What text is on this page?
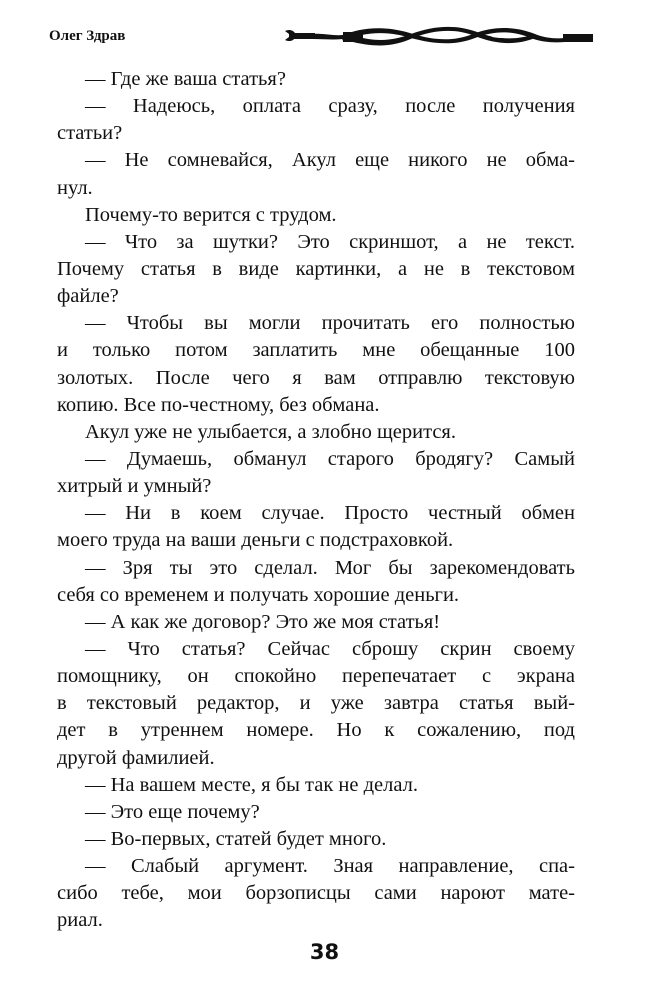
Олег Здрав
— Где же ваша статья?
— Надеюсь, оплата сразу, после получения
статьи?
— Не сомневайся, Акул еще никого не обма-
нул.
Почему-то верится с трудом.
— Что за шутки? Это скриншот, а не текст.
Почему статья в виде картинки, а не в текстовом
файле?
— Чтобы вы могли прочитать его полностью
и только потом заплатить мне обещанные 100
золотых. После чего я вам отправлю текстовую
копию. Все по-честному, без обмана.
Акул уже не улыбается, а злобно щерится.
— Думаешь, обманул старого бродягу? Самый
хитрый и умный?
— Ни в коем случае. Просто честный обмен
моего труда на ваши деньги с подстраховкой.
— Зря ты это сделал. Мог бы зарекомендовать
себя со временем и получать хорошие деньги.
— А как же договор? Это же моя статья!
— Что статья? Сейчас сброшу скрин своему
помощнику, он спокойно перепечатает с экрана
в текстовый редактор, и уже завтра статья вый-
дет в утреннем номере. Но к сожалению, под
другой фамилией.
— На вашем месте, я бы так не делал.
— Это еще почему?
— Во-первых, статей будет много.
— Слабый аргумент. Зная направление, спа-
сибо тебе, мои борзописцы сами нароют мате-
риал.
38
